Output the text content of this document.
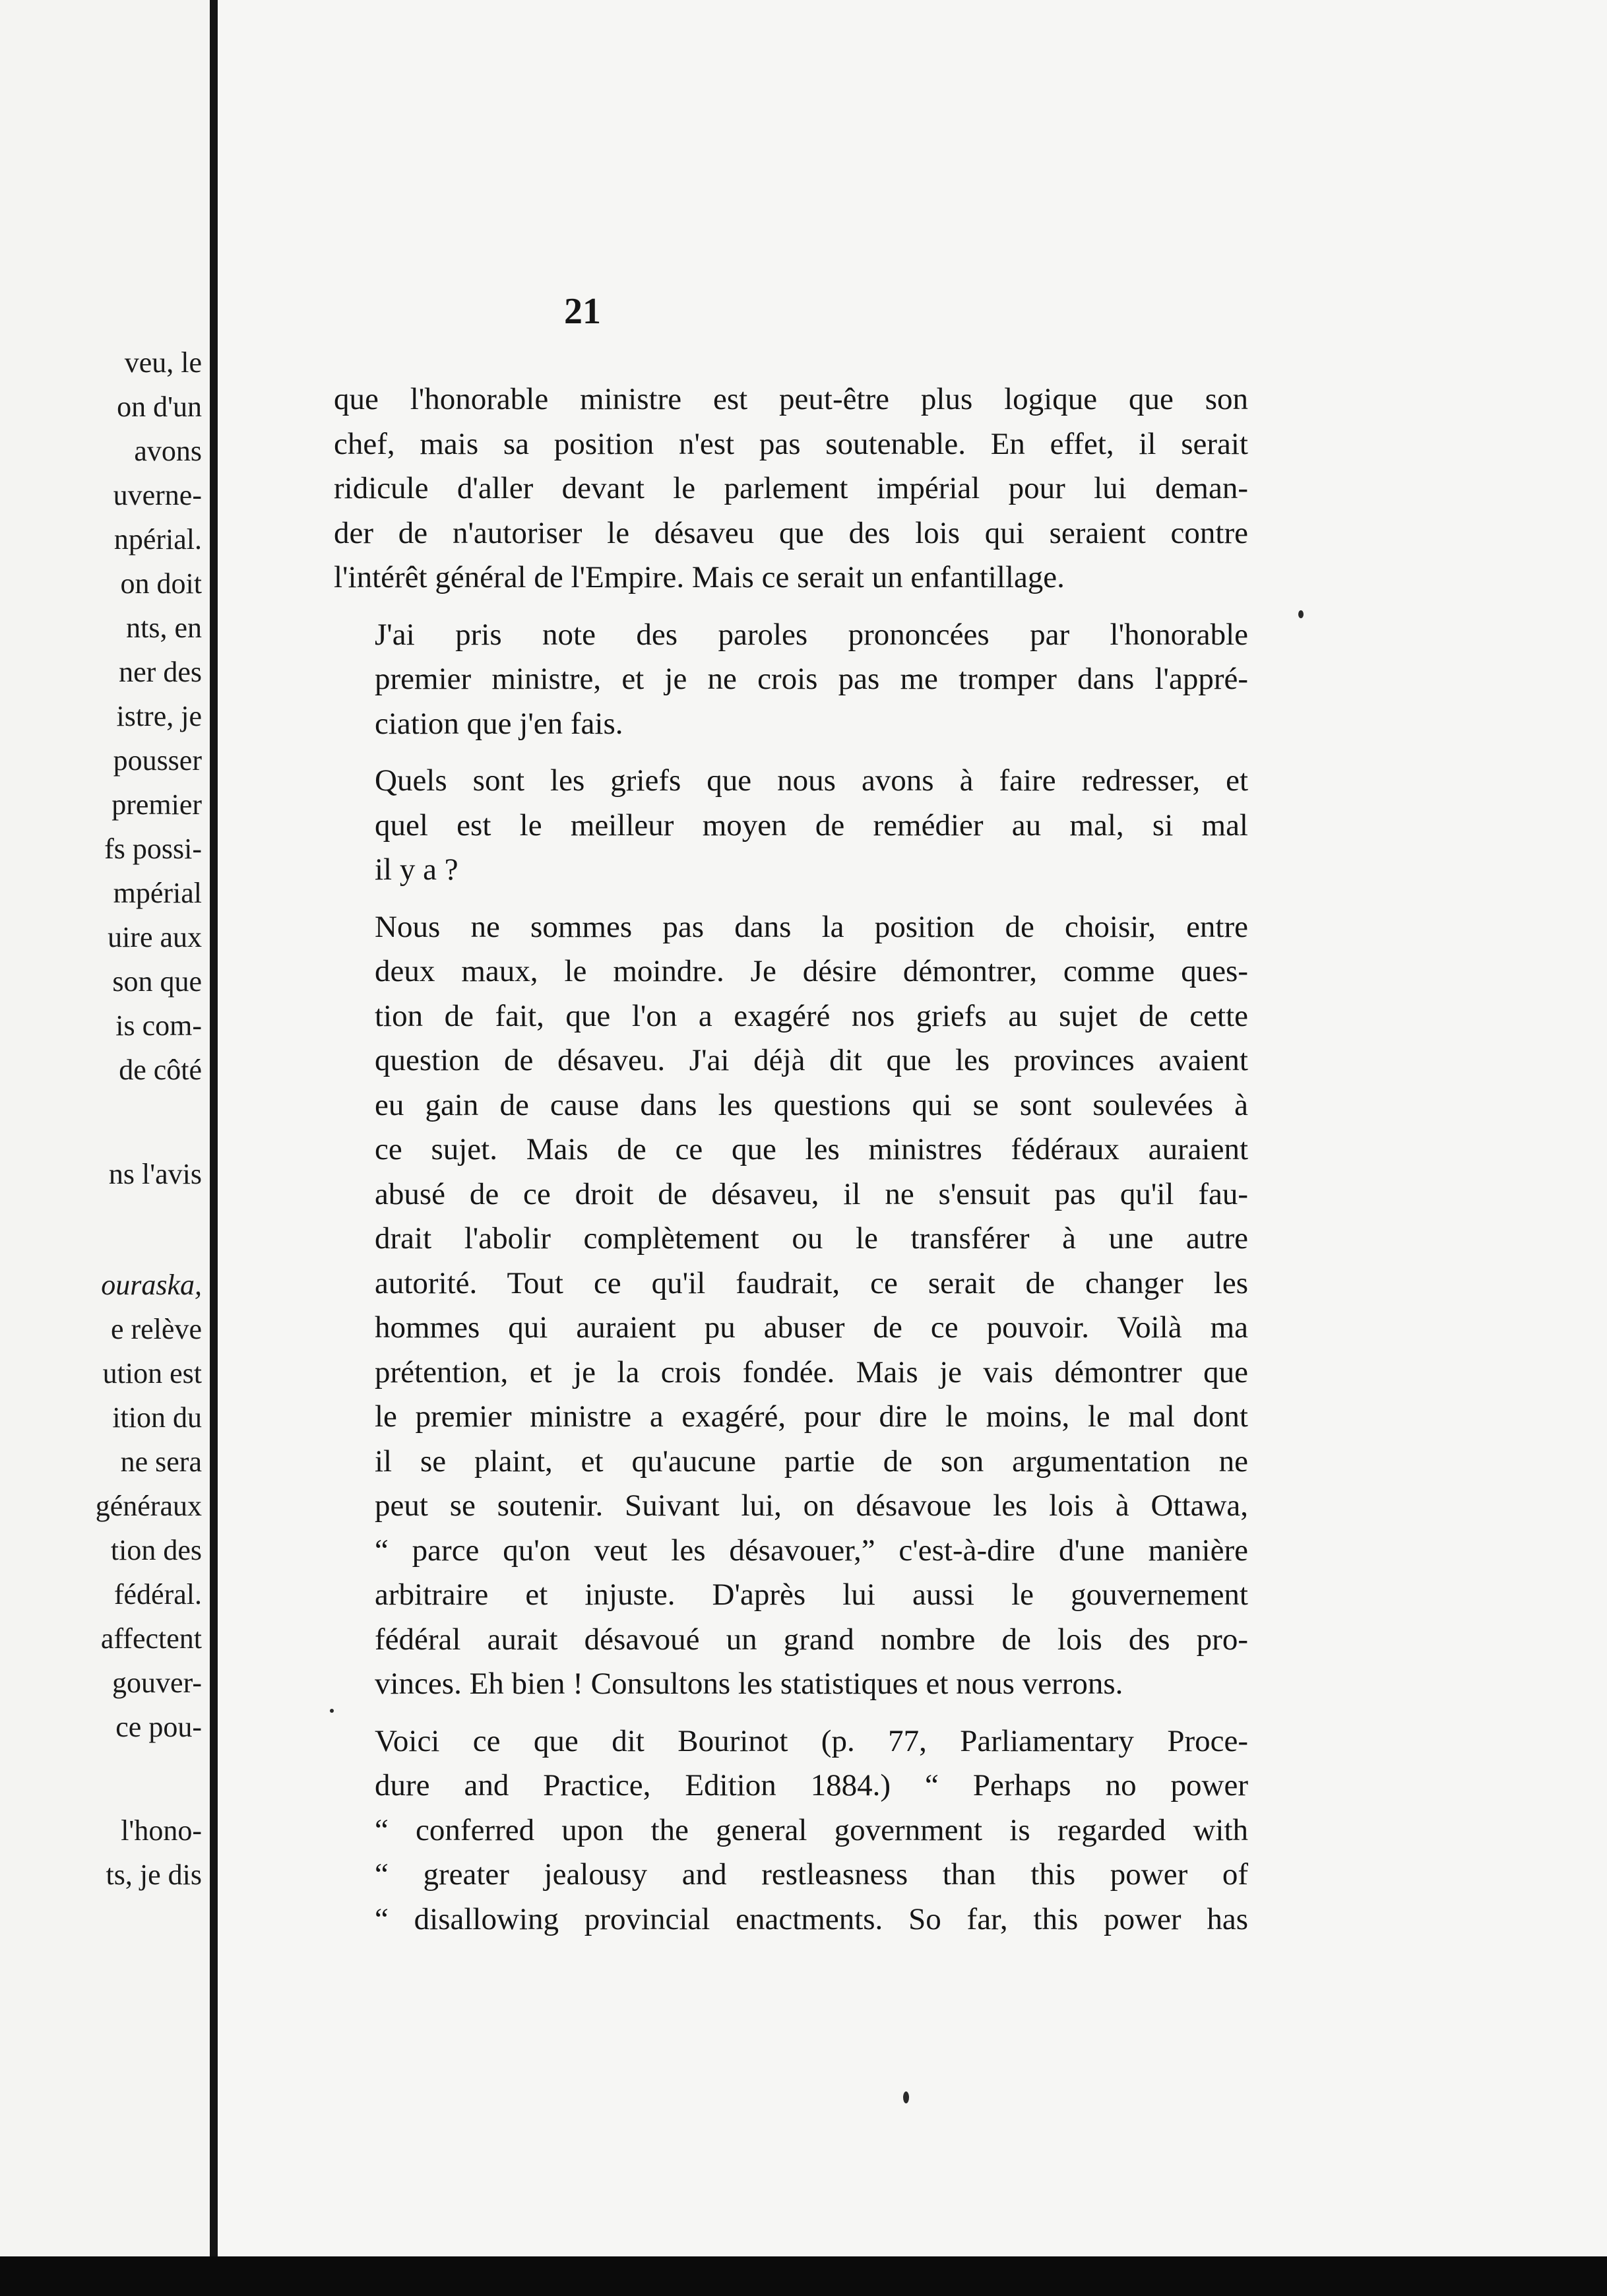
veu, le
on d'un
avons
uverne-
npérial.
on doit
nts, en
ner des
istre, je
pousser
premier
fs possi-
mpérial
uire aux
son que
is com-
de côté
ns l'avis
ouraska,
e relève
ution est
ition du
ne sera
généraux
tion des
fédéral.
affectent
gouver-
ce pou-
l'hono-
ts, je dis
21
que l'honorable ministre est peut-être plus logique que son
chef, mais sa position n'est pas soutenable. En effet, il serait
ridicule d'aller devant le parlement impérial pour lui deman-
der de n'autoriser le désaveu que des lois qui seraient contre
l'intérêt général de l'Empire. Mais ce serait un enfantillage.
J'ai pris note des paroles prononcées par l'honorable
premier ministre, et je ne crois pas me tromper dans l'appré-
ciation que j'en fais.
Quels sont les griefs que nous avons à faire redresser, et
quel est le meilleur moyen de remédier au mal, si mal
il y a ?
Nous ne sommes pas dans la position de choisir, entre
deux maux, le moindre. Je désire démontrer, comme ques-
tion de fait, que l'on a exagéré nos griefs au sujet de cette
question de désaveu. J'ai déjà dit que les provinces avaient
eu gain de cause dans les questions qui se sont soulevées à
ce sujet. Mais de ce que les ministres fédéraux auraient
abusé de ce droit de désaveu, il ne s'ensuit pas qu'il fau-
drait l'abolir complètement ou le transférer à une autre
autorité. Tout ce qu'il faudrait, ce serait de changer les
hommes qui auraient pu abuser de ce pouvoir. Voilà ma
prétention, et je la crois fondée. Mais je vais démontrer que
le premier ministre a exagéré, pour dire le moins, le mal dont
il se plaint, et qu'aucune partie de son argumentation ne
peut se soutenir. Suivant lui, on désavoue les lois à Ottawa,
“ parce qu'on veut les désavouer,” c'est-à-dire d'une manière
arbitraire et injuste. D'après lui aussi le gouvernement
fédéral aurait désavoué un grand nombre de lois des pro-
vinces. Eh bien ! Consultons les statistiques et nous verrons.
Voici ce que dit Bourinot (p. 77, Parliamentary Proce-
dure and Practice, Edition 1884.) “ Perhaps no power
“ conferred upon the general government is regarded with
“ greater jealousy and restleasness than this power of
“ disallowing provincial enactments. So far, this power has
